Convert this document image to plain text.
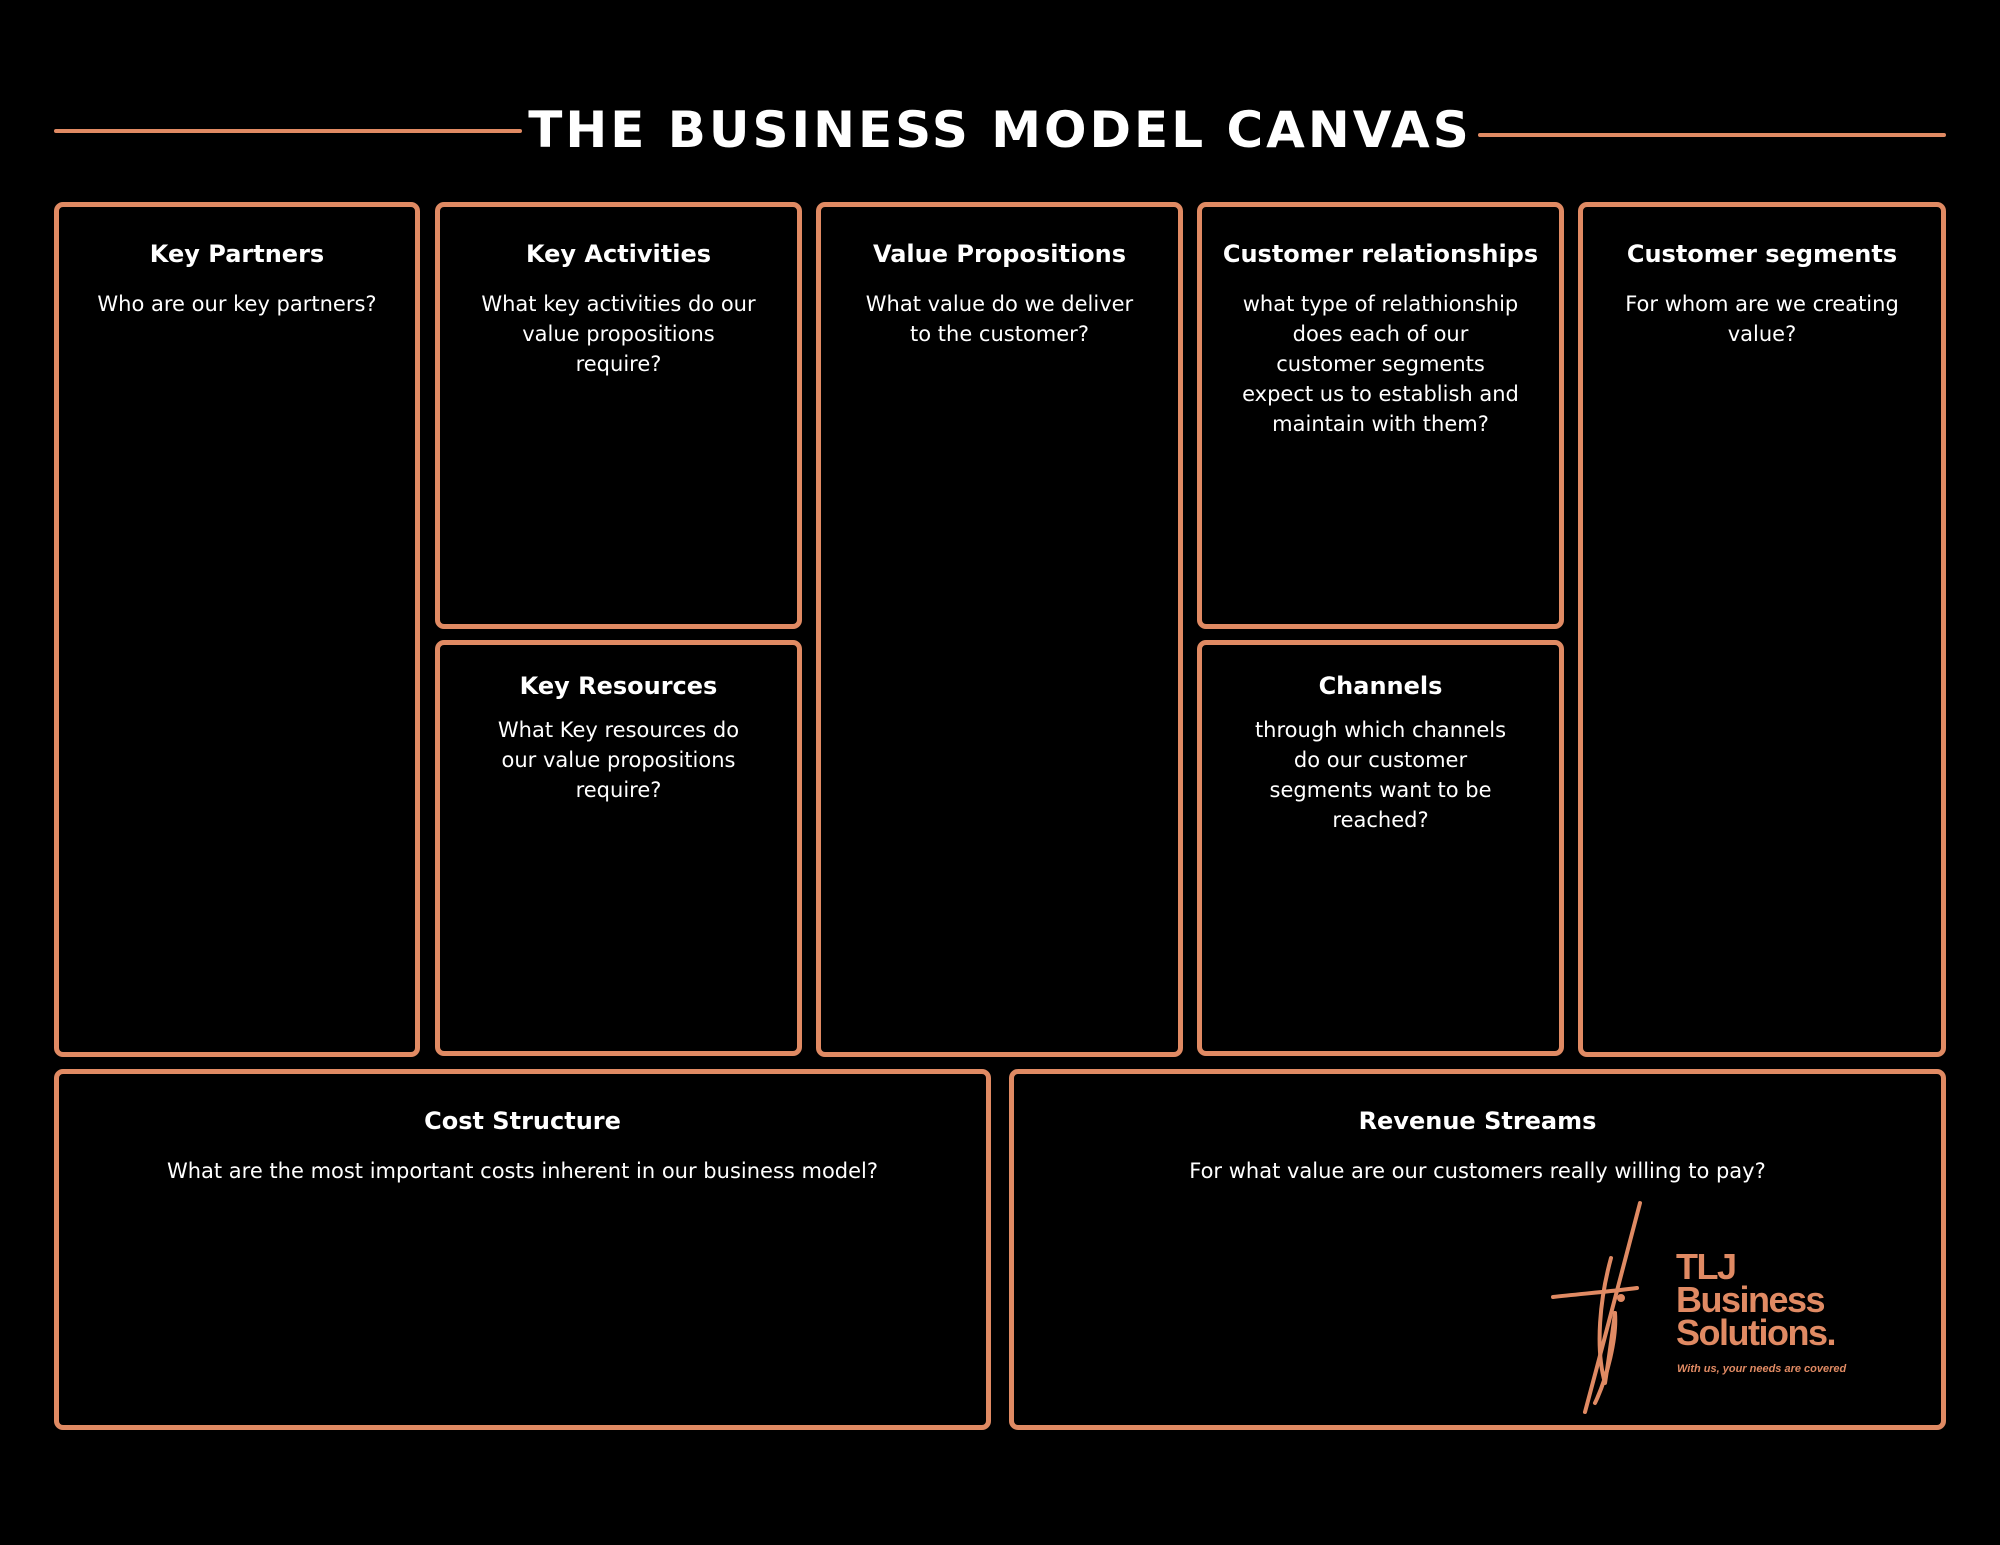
THE BUSINESS MODEL CANVAS
Key Partners

Who are our key partners?

Key Activities

What key activities do our value propositions require?

Key Resources

What Key resources do our value propositions require?

Value Propositions

What value do we deliver to the customer?

Customer relationships

what type of relathionship does each of our customer segments expect us to establish and maintain with them?

Channels

through which channels do our customer segments want to be reached?

Customer segments

For whom are we creating value?

Cost Structure

What are the most important costs inherent in our business model?

Revenue Streams

For what value are our customers really willing to pay?

TLJ
Business
Solutions.
With us, your needs are covered
